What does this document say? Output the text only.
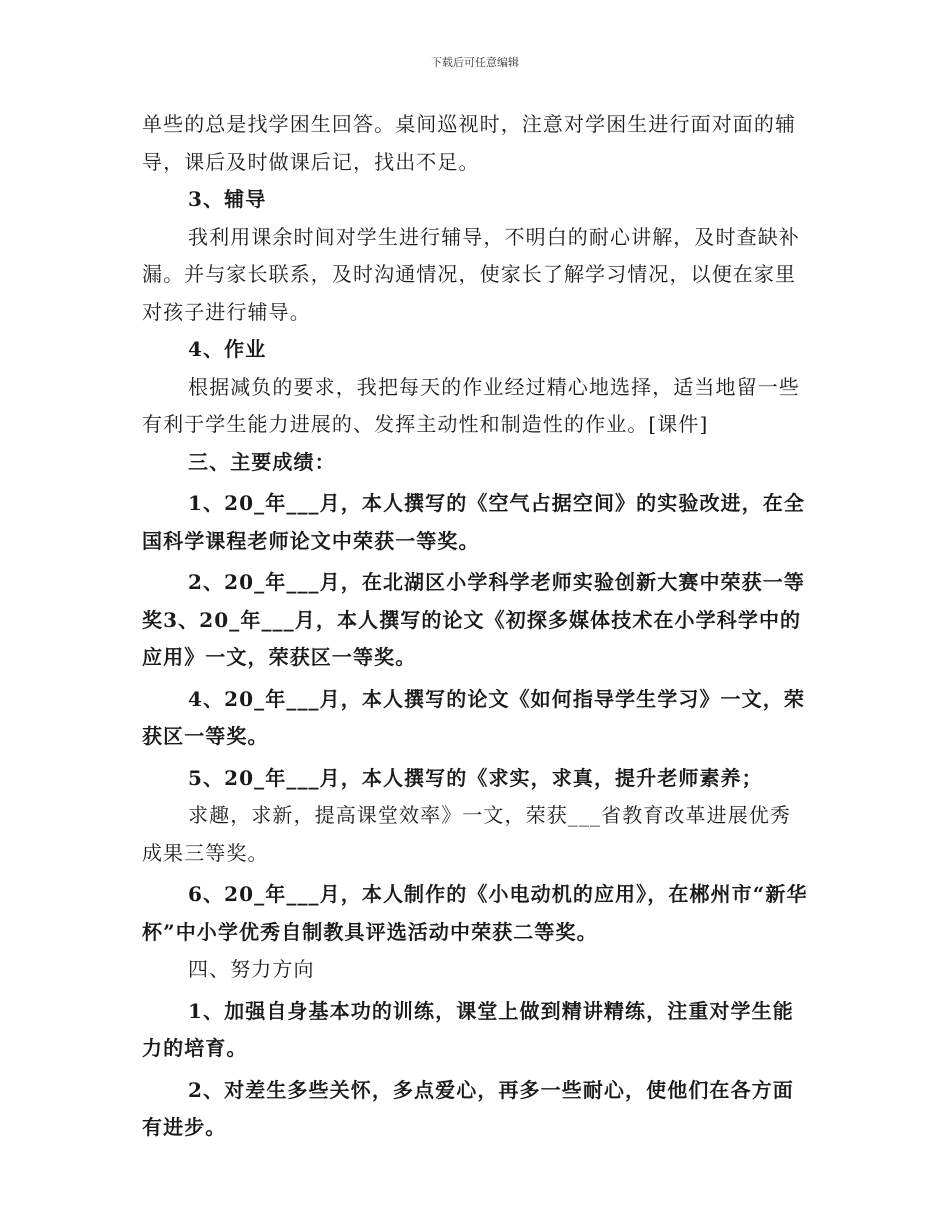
下载后可任意编辑

单些的总是找学困生回答。桌间巡视时，注意对学困生进行面对面的辅导，课后及时做课后记，找出不足。

3、辅导

我利用课余时间对学生进行辅导，不明白的耐心讲解，及时查缺补漏。并与家长联系，及时沟通情况，使家长了解学习情况，以便在家里对孩子进行辅导。

4、作业

根据减负的要求，我把每天的作业经过精心地选择，适当地留一些有利于学生能力进展的、发挥主动性和制造性的作业。[课件]

三、主要成绩：

1、20_年___月，本人撰写的《空气占据空间》的实验改进，在全国科学课程老师论文中荣获一等奖。

2、20_年___月，在北湖区小学科学老师实验创新大赛中荣获一等奖3、20_年___月，本人撰写的论文《初探多媒体技术在小学科学中的应用》一文，荣获区一等奖。

4、20_年___月，本人撰写的论文《如何指导学生学习》一文，荣获区一等奖。

5、20_年___月，本人撰写的《求实，求真，提升老师素养；

求趣，求新，提高课堂效率》一文，荣获___省教育改革进展优秀成果三等奖。

6、20_年___月，本人制作的《小电动机的应用》，在郴州市“新华杯”中小学优秀自制教具评选活动中荣获二等奖。

四、努力方向

1、加强自身基本功的训练，课堂上做到精讲精练，注重对学生能力的培育。

2、对差生多些关怀，多点爱心，再多一些耐心，使他们在各方面有进步。
